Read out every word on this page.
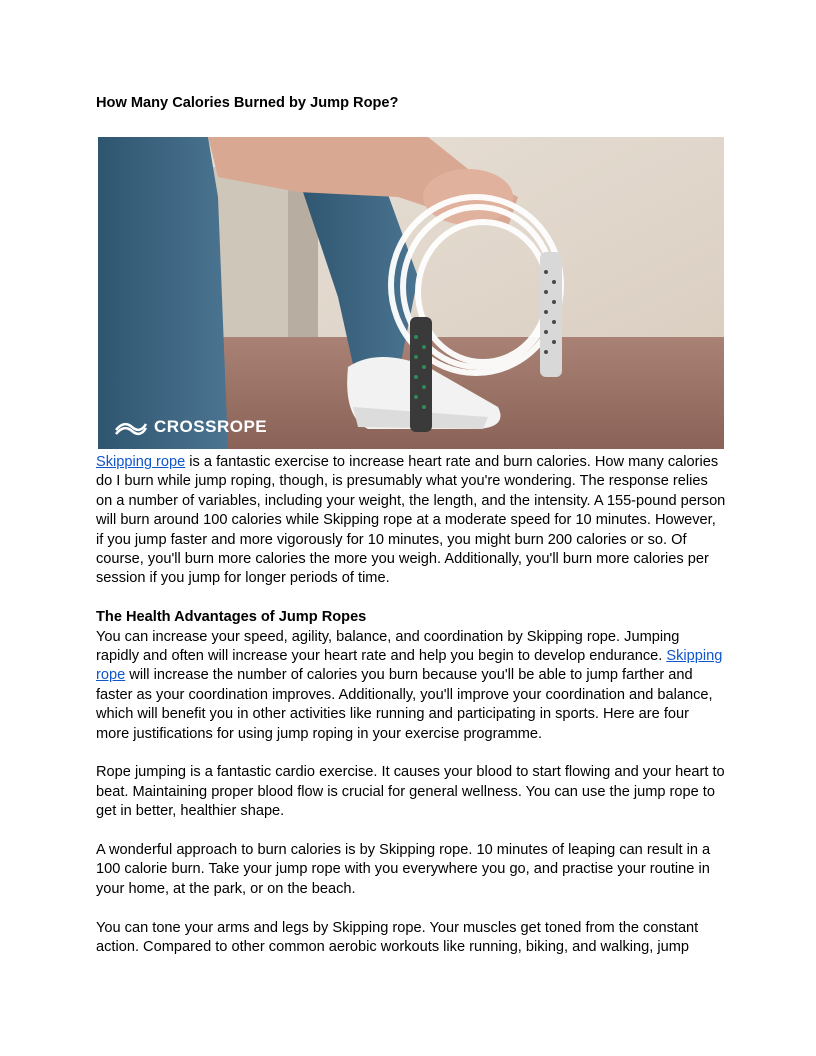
How Many Calories Burned by Jump Rope?
CROSSROPE

Skipping rope is a fantastic exercise to increase heart rate and burn calories. How many calories do I burn while jump roping, though, is presumably what you're wondering. The response relies on a number of variables, including your weight, the length, and the intensity. A 155-pound person will burn around 100 calories while Skipping rope at a moderate speed for 10 minutes. However, if you jump faster and more vigorously for 10 minutes, you might burn 200 calories or so. Of course, you'll burn more calories the more you weigh. Additionally, you'll burn more calories per session if you jump for longer periods of time.

The Health Advantages of Jump Ropes

You can increase your speed, agility, balance, and coordination by Skipping rope. Jumping rapidly and often will increase your heart rate and help you begin to develop endurance. Skipping rope will increase the number of calories you burn because you'll be able to jump farther and faster as your coordination improves. Additionally, you'll improve your coordination and balance, which will benefit you in other activities like running and participating in sports. Here are four more justifications for using jump roping in your exercise programme.

Rope jumping is a fantastic cardio exercise. It causes your blood to start flowing and your heart to beat. Maintaining proper blood flow is crucial for general wellness. You can use the jump rope to get in better, healthier shape.

A wonderful approach to burn calories is by Skipping rope. 10 minutes of leaping can result in a 100 calorie burn. Take your jump rope with you everywhere you go, and practise your routine in your home, at the park, or on the beach.

You can tone your arms and legs by Skipping rope. Your muscles get toned from the constant action. Compared to other common aerobic workouts like running, biking, and walking, jump
